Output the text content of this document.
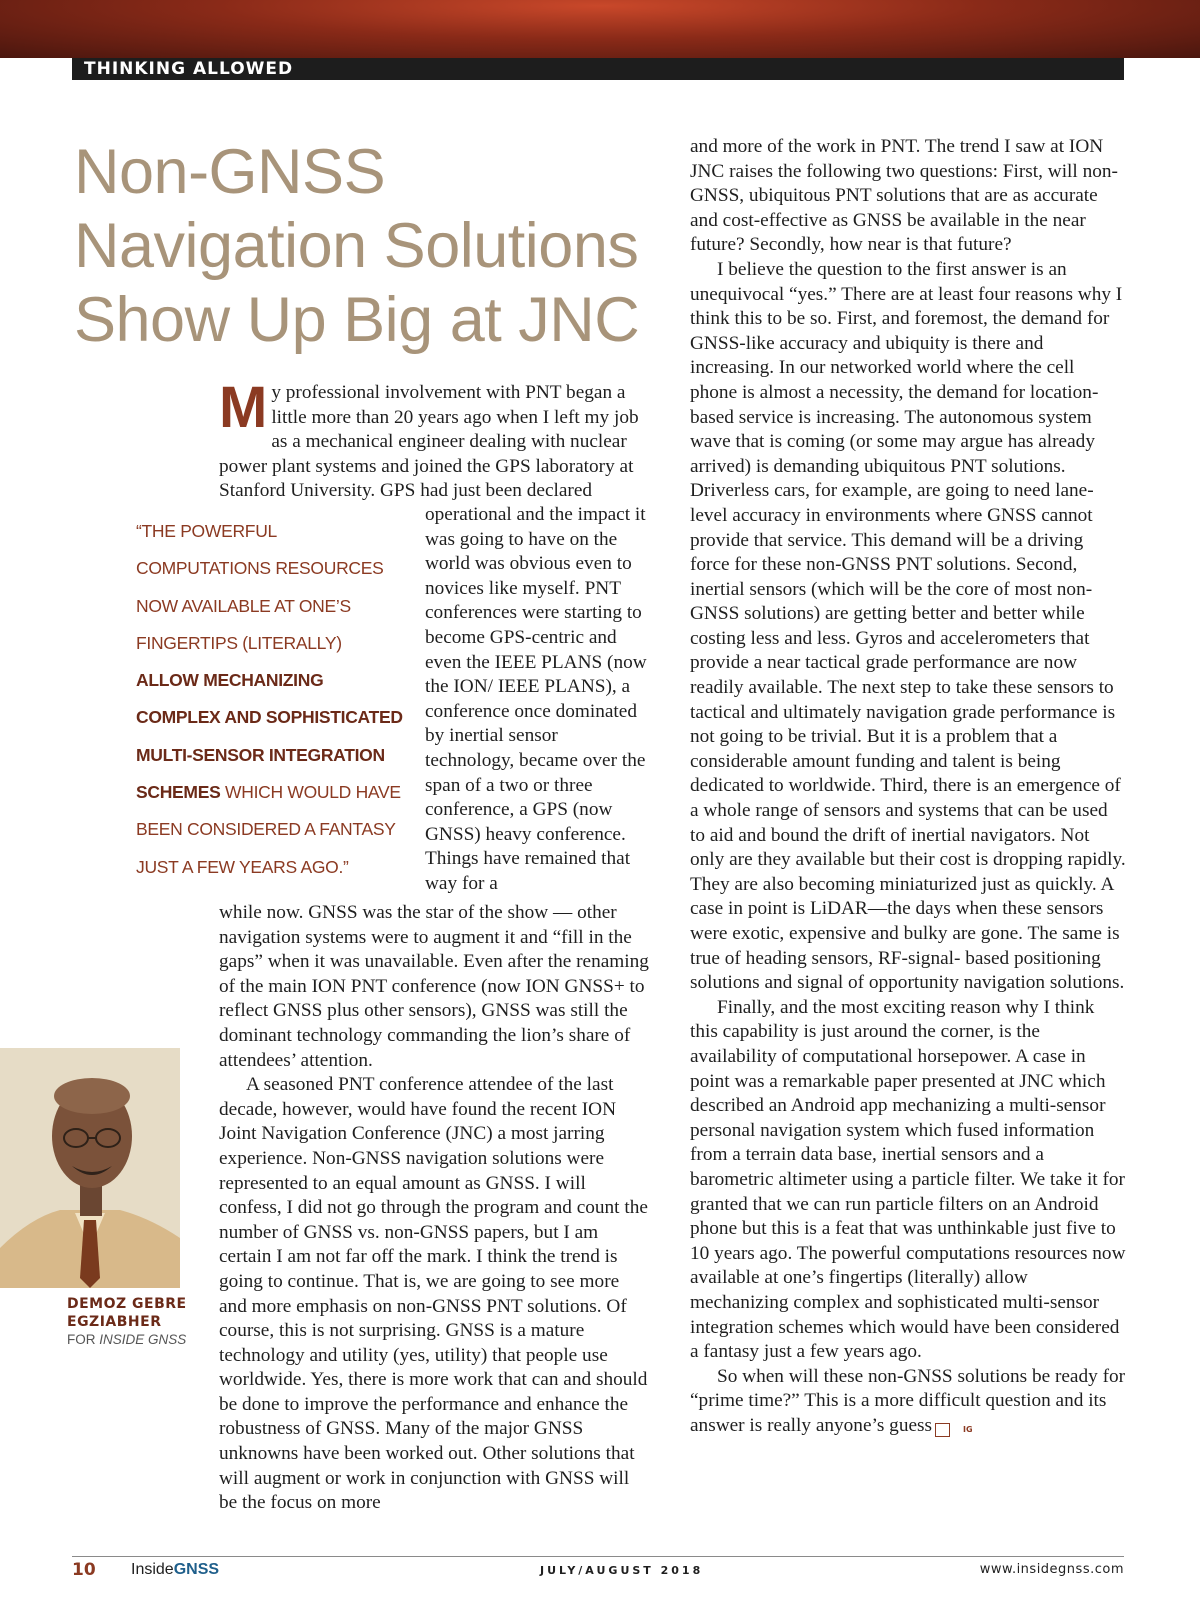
THINKING ALLOWED
Non-GNSS Navigation Solutions Show Up Big at JNC
My professional involvement with PNT began a little more than 20 years ago when I left my job as a mechanical engineer dealing with nuclear power plant systems and joined the GPS laboratory at Stanford University. GPS had just been declared

operational and the impact it was going to have on the world was obvious even to novices like myself. PNT conferences were starting to become GPS-centric and even the IEEE PLANS (now the ION/ IEEE PLANS), a conference once dominated by inertial sensor technology, became over the span of a two or three conference, a GPS (now GNSS) heavy conference. Things have remained that way for a

“THE POWERFUL COMPUTATIONS RESOURCES NOW AVAILABLE AT ONE’S FINGERTIPS (LITERALLY) ALLOW MECHANIZING COMPLEX AND SOPHISTICATED MULTI-SENSOR INTEGRATION SCHEMES WHICH WOULD HAVE BEEN CONSIDERED A FANTASY JUST A FEW YEARS AGO.”

while now. GNSS was the star of the show — other navigation systems were to augment it and “fill in the gaps” when it was unavailable. Even after the renaming of the main ION PNT conference (now ION GNSS+ to reflect GNSS plus other sensors), GNSS was still the dominant technology commanding the lion’s share of attendees’ attention.

A seasoned PNT conference attendee of the last decade, however, would have found the recent ION Joint Navigation Conference (JNC) a most jarring experience. Non-GNSS navigation solutions were represented to an equal amount as GNSS. I will confess, I did not go through the program and count the number of GNSS vs. non-GNSS papers, but I am certain I am not far off the mark. I think the trend is going to continue. That is, we are going to see more and more emphasis on non-GNSS PNT solutions. Of course, this is not surprising. GNSS is a mature technology and utility (yes, utility) that people use worldwide. Yes, there is more work that can and should be done to improve the performance and enhance the robustness of GNSS. Many of the major GNSS unknowns have been worked out. Other solutions that will augment or work in conjunction with GNSS will be the focus on more

and more of the work in PNT. The trend I saw at ION JNC raises the following two questions: First, will non-GNSS, ubiquitous PNT solutions that are as accurate and cost-effective as GNSS be available in the near future? Secondly, how near is that future?

I believe the question to the first answer is an unequivocal “yes.” There are at least four reasons why I think this to be so. First, and foremost, the demand for GNSS-like accuracy and ubiquity is there and increasing. In our networked world where the cell phone is almost a necessity, the demand for location-based service is increasing. The autonomous system wave that is coming (or some may argue has already arrived) is demanding ubiquitous PNT solutions. Driverless cars, for example, are going to need lane-level accuracy in environments where GNSS cannot provide that service. This demand will be a driving force for these non-GNSS PNT solutions. Second, inertial sensors (which will be the core of most non-GNSS solutions) are getting better and better while costing less and less. Gyros and accelerometers that provide a near tactical grade performance are now readily available. The next step to take these sensors to tactical and ultimately navigation grade performance is not going to be trivial. But it is a problem that a considerable amount funding and talent is being dedicated to worldwide. Third, there is an emergence of a whole range of sensors and systems that can be used to aid and bound the drift of inertial navigators. Not only are they available but their cost is dropping rapidly. They are also becoming miniaturized just as quickly. A case in point is LiDAR—the days when these sensors were exotic, expensive and bulky are gone. The same is true of heading sensors, RF-signal- based positioning solutions and signal of opportunity navigation solutions.

Finally, and the most exciting reason why I think this capability is just around the corner, is the availability of computational horsepower. A case in point was a remarkable paper presented at JNC which described an Android app mechanizing a multi-sensor personal navigation system which fused information from a terrain data base, inertial sensors and a barometric altimeter using a particle filter. We take it for granted that we can run particle filters on an Android phone but this is a feat that was unthinkable just five to 10 years ago. The powerful computations resources now available at one’s fingertips (literally) allow mechanizing complex and sophisticated multi-sensor integration schemes which would have been considered a fantasy just a few years ago.

So when will these non-GNSS solutions be ready for “prime time?” This is a more difficult question and its answer is really anyone’s guess	IG

DEMOZ GEBRE EGZIABHER
FOR INSIDE GNSS
10 InsideGNSS	JULY/AUGUST 2018	www.insidegnss.com
